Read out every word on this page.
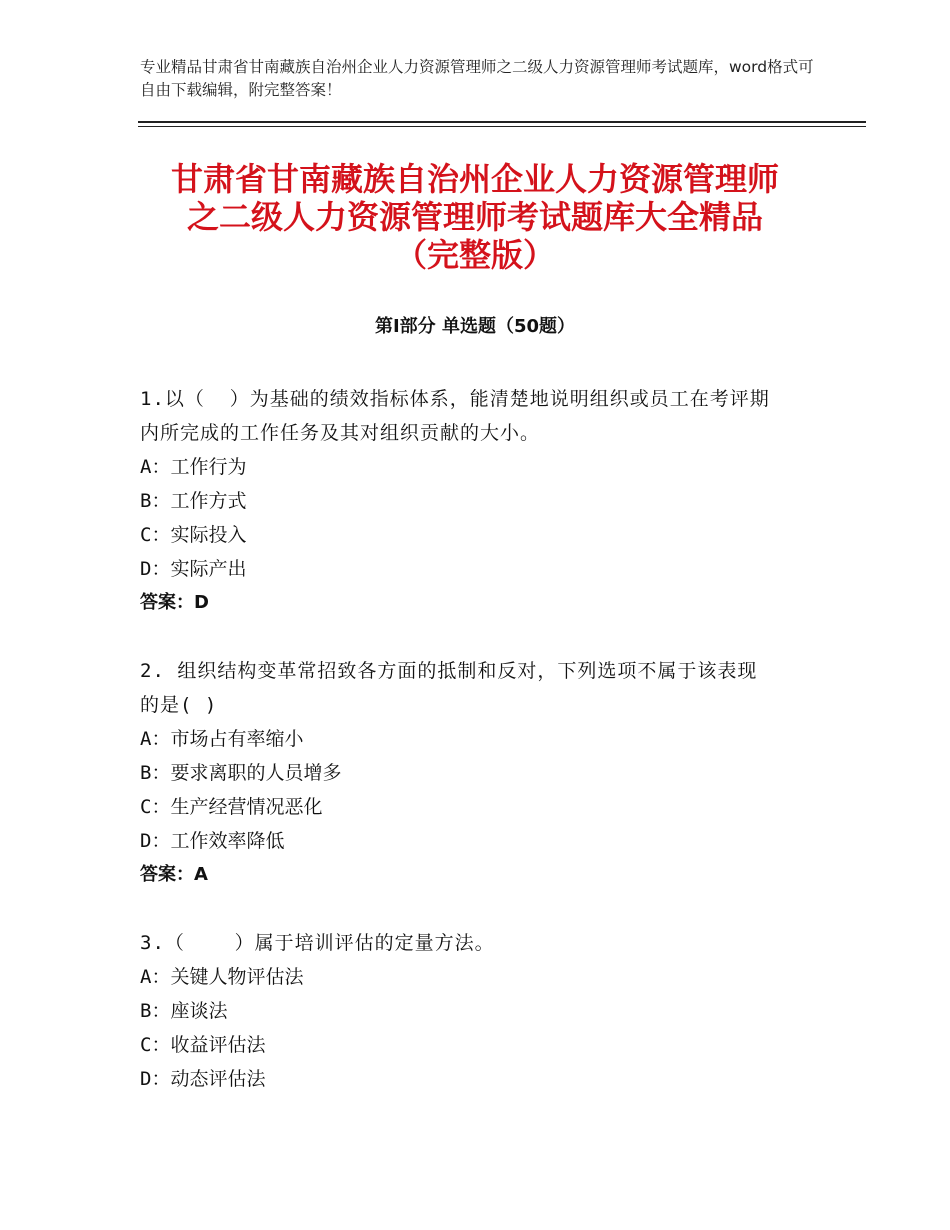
专业精品甘肃省甘南藏族自治州企业人力资源管理师之二级人力资源管理师考试题库，word格式可自由下载编辑，附完整答案！
甘肃省甘南藏族自治州企业人力资源管理师
之二级人力资源管理师考试题库大全精品
（完整版）
第Ⅰ部分 单选题（50题）
1.以（  ）为基础的绩效指标体系，能清楚地说明组织或员工在考评期
内所完成的工作任务及其对组织贡献的大小。
A：工作行为
B：工作方式
C：实际投入
D：实际产出
答案：D
2. 组织结构变革常招致各方面的抵制和反对，下列选项不属于该表现
的是( )
A：市场占有率缩小
B：要求离职的人员增多
C：生产经营情况恶化
D：工作效率降低
答案：A
3.（    ）属于培训评估的定量方法。
A：关键人物评估法
B：座谈法
C：收益评估法
D：动态评估法
